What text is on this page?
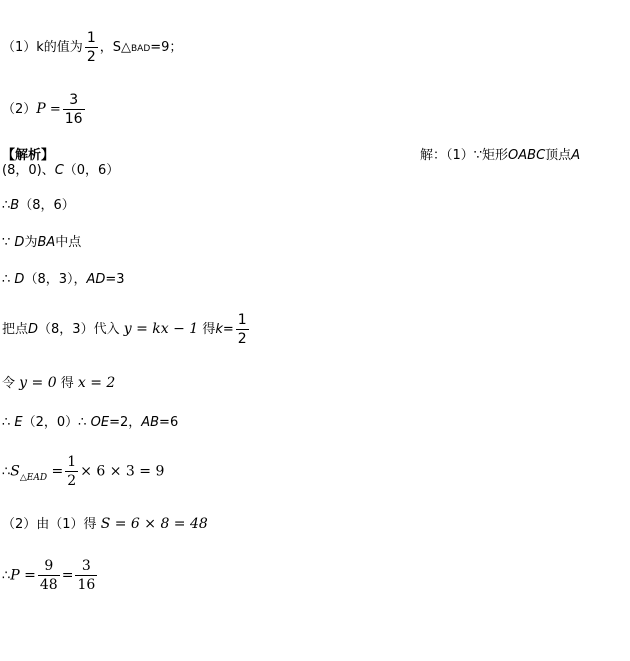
（1）k的值为 $\frac{1}{2}$ ，S△BAD=9；
$(2)P = \frac{3}{16}$
【解析】	解：（1）∵矩形OABC顶点A
(8，0)、C（0，6）
∴B（8，6）
∵ D为BA中点
∴ D（8，3），AD=3
把点D（8，3）代入 y = kx − 1 得$k= \frac{1}{2}$
令 y = 0 得 x = 2
∴ E（2，0）∴ OE=2，AB=6
$\therefore S_{\triangle EAD} = \frac{1}{2} \times 6 \times 3 = 9$
（2）由（1）得 S = 6 × 8 = 48
∴P = $\frac{9}{48} = \frac{3}{16}$
